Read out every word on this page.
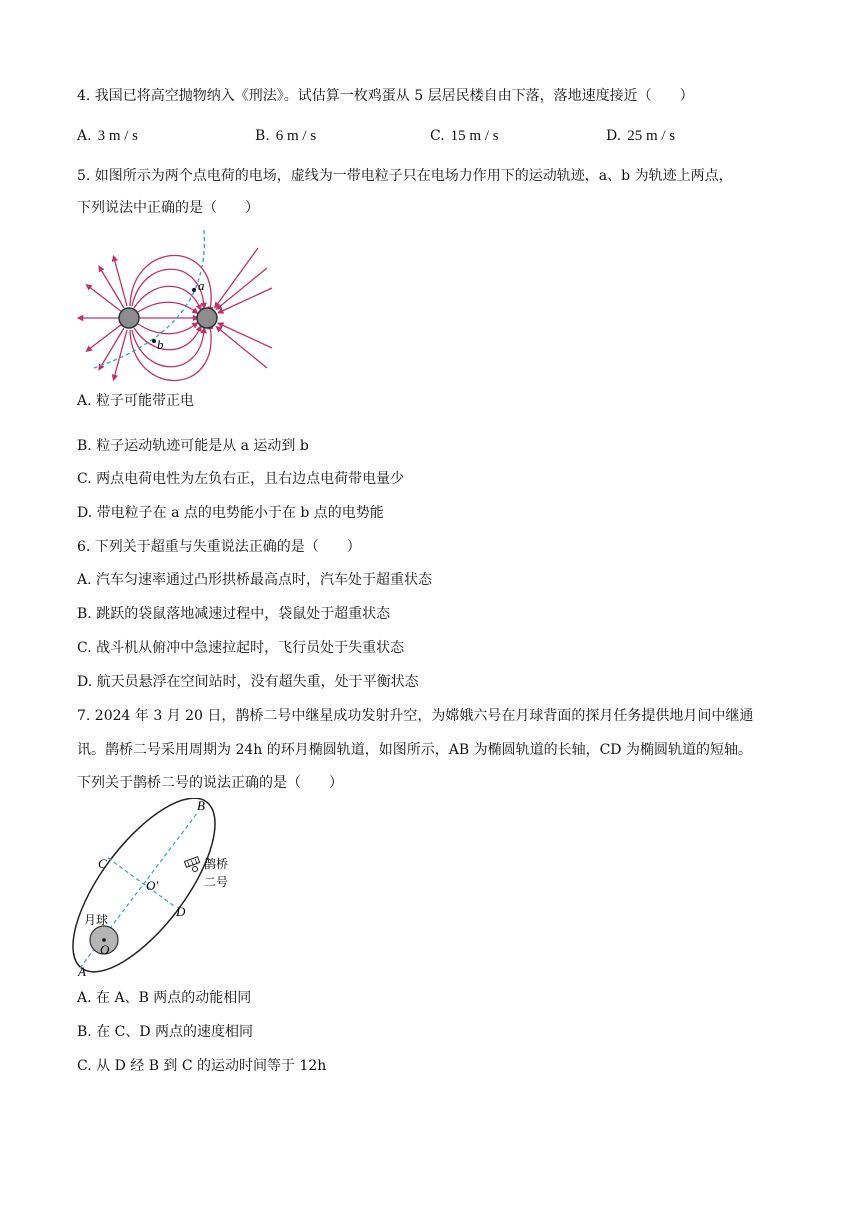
4. 我国已将高空抛物纳入《刑法》。试估算一枚鸡蛋从 5 层居民楼自由下落，落地速度接近（　　）
A. 3 m / s	B. 6 m / s	C. 15 m / s	D. 25 m / s
5. 如图所示为两个点电荷的电场，虚线为一带电粒子只在电场力作用下的运动轨迹，a、b 为轨迹上两点，
下列说法中正确的是（　　）
a
b
A. 粒子可能带正电
B. 粒子运动轨迹可能是从 a 运动到 b
C. 两点电荷电性为左负右正，且右边点电荷带电量少
D. 带电粒子在 a 点的电势能小于在 b 点的电势能
6. 下列关于超重与失重说法正确的是（　　）
A. 汽车匀速率通过凸形拱桥最高点时，汽车处于超重状态
B. 跳跃的袋鼠落地减速过程中，袋鼠处于超重状态
C. 战斗机从俯冲中急速拉起时，飞行员处于失重状态
D. 航天员悬浮在空间站时，没有超失重，处于平衡状态
7. 2024 年 3 月 20 日，鹊桥二号中继星成功发射升空，为嫦娥六号在月球背面的探月任务提供地月间中继通
讯。鹊桥二号采用周期为 24h 的环月椭圆轨道，如图所示，AB 为椭圆轨道的长轴，CD 为椭圆轨道的短轴。
下列关于鹊桥二号的说法正确的是（　　）
B
C
D
O′
O
A
月球
鹊桥
二号
A. 在 A、B 两点的动能相同
B. 在 C、D 两点的速度相同
C. 从 D 经 B 到 C 的运动时间等于 12h
